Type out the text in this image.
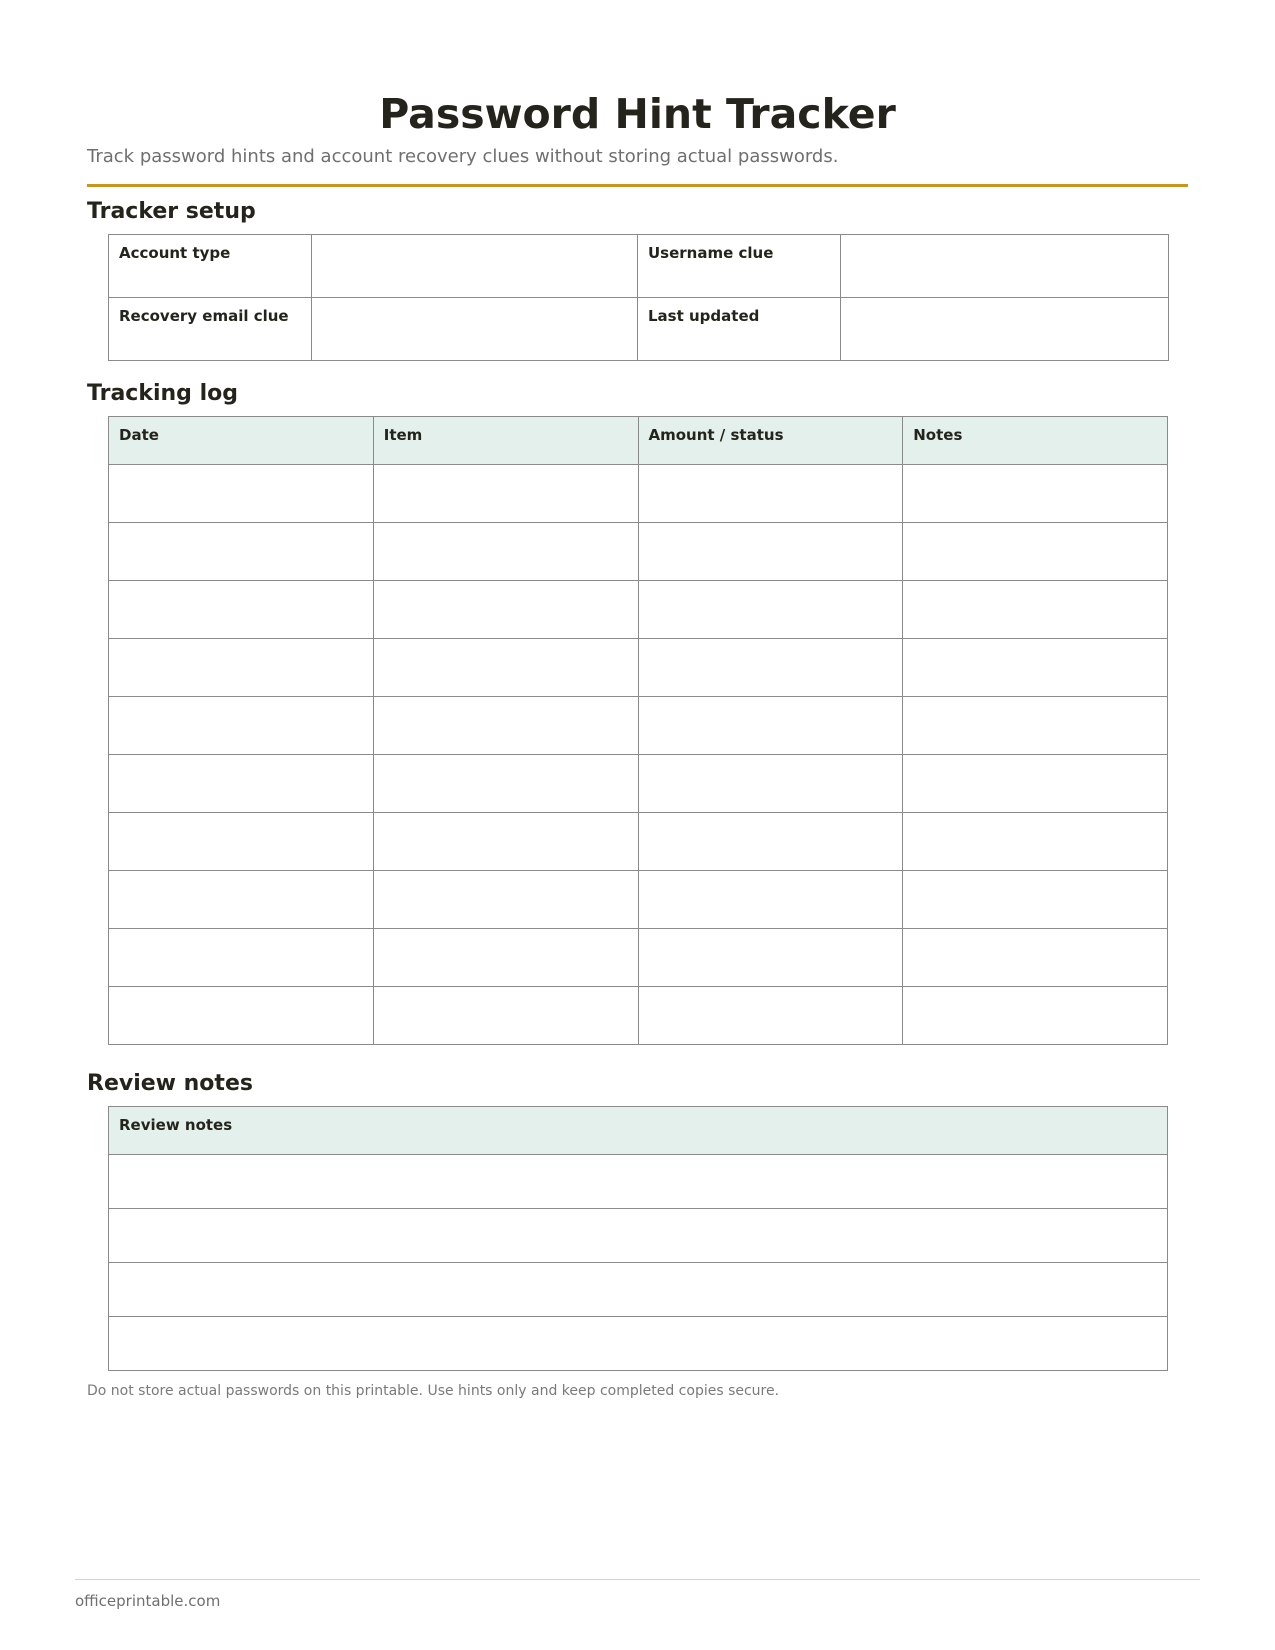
Password Hint Tracker

Track password hints and account recovery clues without storing actual passwords.

Tracker setup
Account type		Username clue	

Recovery email clue		Last updated	

Tracking log
Date	Item	Amount / status	Notes

Review notes
Review notes

Do not store actual passwords on this printable. Use hints only and keep completed copies secure.

officeprintable.com
